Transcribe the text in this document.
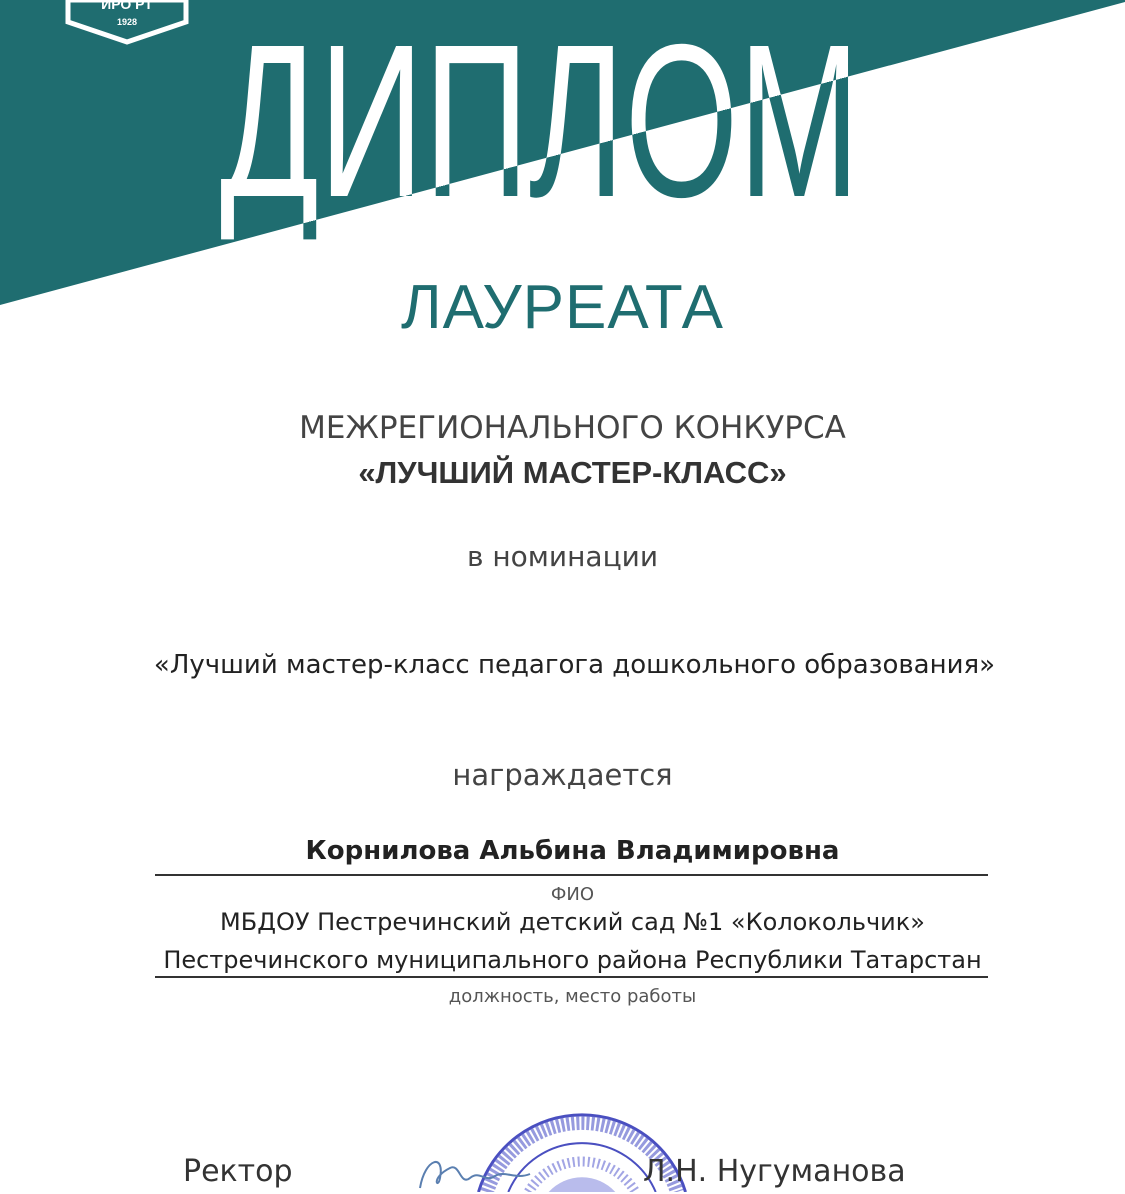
ИРО РТ
1928 ДИПЛОМ
ЛАУРЕАТА
МЕЖРЕГИОНАЛЬНОГО КОНКУРСА
«ЛУЧШИЙ МАСТЕР-КЛАСС»
в номинации
«Лучший мастер-класс педагога дошкольного образования»
награждается
Корнилова Альбина Владимировна
ФИО
МБДОУ Пестречинский детский сад №1 «Колокольчик»
Пестречинского муниципального района Республики Татарстан
должность, место работы
Ректор	Л.Н. Нугуманова
